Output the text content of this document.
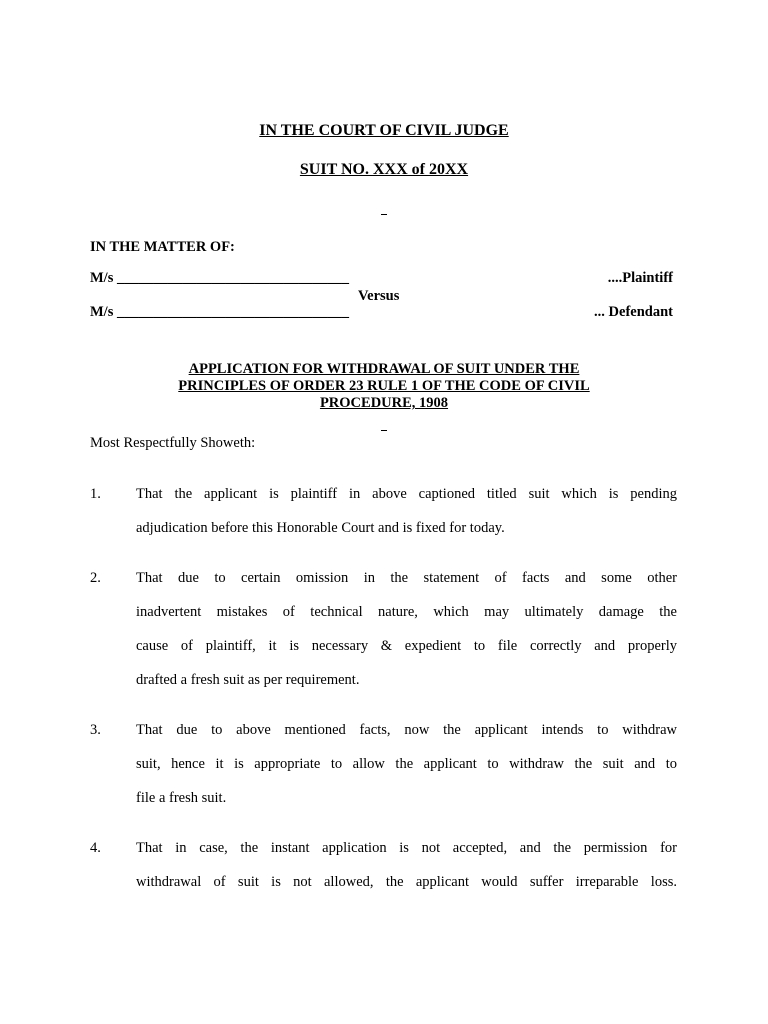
IN THE COURT OF CIVIL JUDGE
SUIT NO. XXX of 20XX
IN THE MATTER OF:
M/s ________________________________	....Plaintiff
Versus
M/s ________________________________	... Defendant
APPLICATION FOR WITHDRAWAL OF SUIT UNDER THE
PRINCIPLES OF ORDER 23 RULE 1 OF THE CODE OF CIVIL
PROCEDURE, 1908
Most Respectfully Showeth:
1. That the applicant is plaintiff in above captioned titled suit which is pending
adjudication before this Honorable Court and is fixed for today.
2. That due to certain omission in the statement of facts and some other
inadvertent mistakes of technical nature, which may ultimately damage the
cause of plaintiff, it is necessary & expedient to file correctly and properly
drafted a fresh suit as per requirement.
3. That due to above mentioned facts, now the applicant intends to withdraw
suit, hence it is appropriate to allow the applicant to withdraw the suit and to
file a fresh suit.
4. That in case, the instant application is not accepted, and the permission for
withdrawal of suit is not allowed, the applicant would suffer irreparable loss.
